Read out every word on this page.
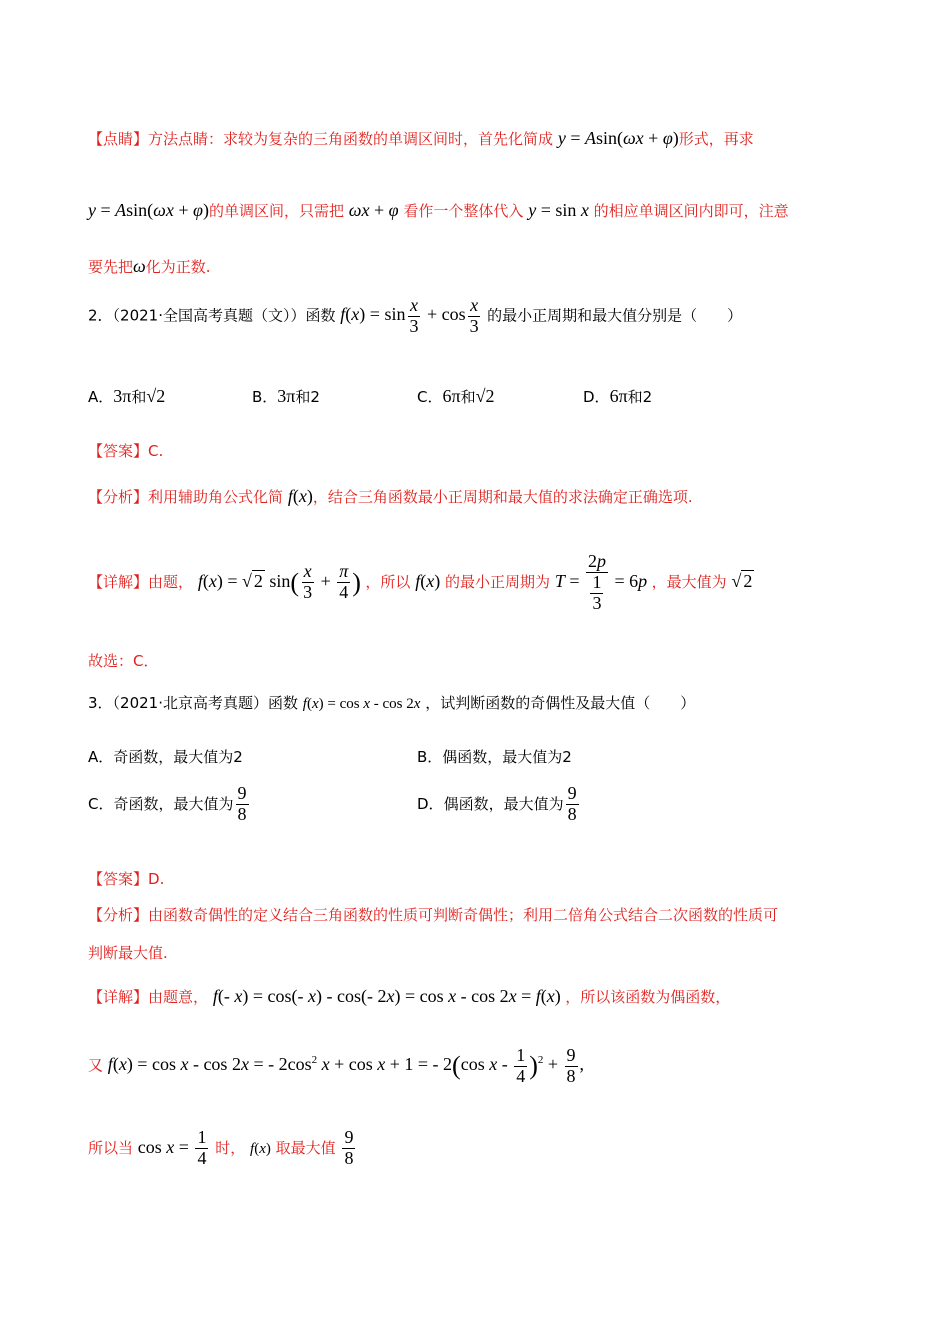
【点睛】方法点睛：求较为复杂的三角函数的单调区间时，首先化简成 y = Asin(ωx + φ)形式，再求
y = Asin(ωx + φ)的单调区间，只需把 ωx + φ 看作一个整体代入 y = sin x 的相应单调区间内即可，注意
要先把ω化为正数.
2．（2021·全国高考真题（文））函数 $f(x) = \sin \frac{x}{3} + \cos \frac{x}{3}$ 的最小正周期和最大值分别是（　　）
A．3π和√2	B．3π和2	C．6π和√2	D．6π和2
【答案】C.
【分析】利用辅助角公式化简 f(x)，结合三角函数最小正周期和最大值的求法确定正确选项.
【详解】由题， f(x) = √ 2 $\sin( \frac{x}{3} + \frac{\pi}{4}$ ) ，所以 f(x) 的最小正周期为 $T = \frac{2p}{\frac{1}{3}} = 6p$ ，最大值为 √ 2
故选：C．
3．（2021·北京高考真题）函数 f(x) = cos x - cos 2x ，试判断函数的奇偶性及最大值（　　）
A．奇函数，最大值为2	B．偶函数，最大值为2
C．奇函数，最大值为 $\frac{9}{8}$	D．偶函数，最大值为 $\frac{9}{8}$
【答案】D.
【分析】由函数奇偶性的定义结合三角函数的性质可判断奇偶性；利用二倍角公式结合二次函数的性质可
判断最大值.
【详解】由题意， f(- x) = cos(- x) - cos(- 2x) = cos x - cos 2x = f(x) ，所以该函数为偶函数，
又 f(x) = cos x - cos 2x = - $2\cos^2$ x + cos x + 1 = - 2(cos $x - \frac{1}{4} )^2 + \frac{9}{8}$ ,
所以当 $\cos x = \frac{1}{4}$ 时， f(x) 取最大值 $\frac{9}{8}$
